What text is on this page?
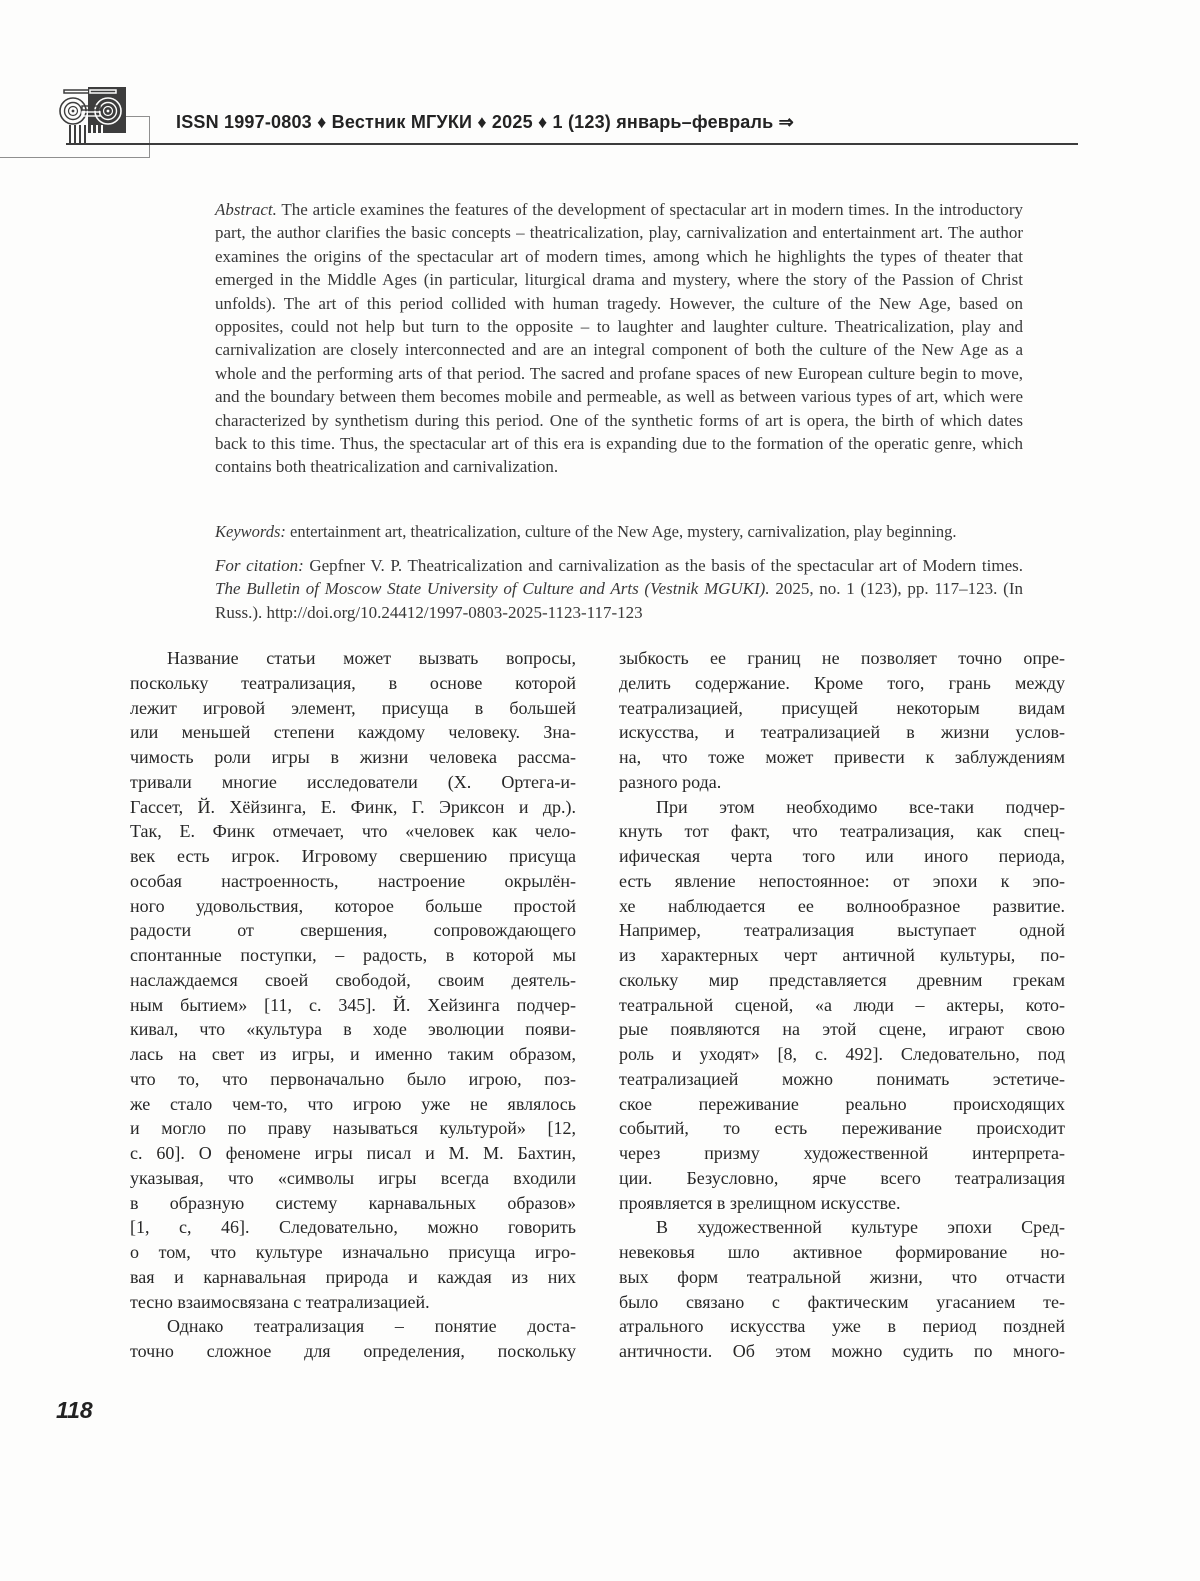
ISSN 1997-0803 ♦ Вестник МГУКИ ♦ 2025 ♦ 1 (123) январь–февраль ⇒

Abstract. The article examines the features of the development of spectacular art in modern times. In the introductory part, the author clarifies the basic concepts – theatricalization, play, carnivalization and entertainment art. The author examines the origins of the spectacular art of modern times, among which he highlights the types of theater that emerged in the Middle Ages (in particular, liturgical drama and mystery, where the story of the Passion of Christ unfolds). The art of this period collided with human tragedy. However, the culture of the New Age, based on opposites, could not help but turn to the opposite – to laughter and laughter culture. Theatricalization, play and carnivalization are closely interconnected and are an integral component of both the culture of the New Age as a whole and the performing arts of that period. The sacred and profane spaces of new European culture begin to move, and the boundary between them becomes mobile and permeable, as well as between various types of art, which were characterized by synthetism during this period. One of the synthetic forms of art is opera, the birth of which dates back to this time. Thus, the spectacular art of this era is expanding due to the formation of the operatic genre, which contains both theatricalization and carnivalization.

Keywords: entertainment art, theatricalization, culture of the New Age, mystery, carnivalization, play beginning.

For citation: Gepfner V. P. Theatricalization and carnivalization as the basis of the spectacular art of Modern times. The Bulletin of Moscow State University of Culture and Arts (Vestnik MGUKI). 2025, no. 1 (123), pp. 117–123. (In Russ.). http://doi.org/10.24412/1997-0803-2025-1123-117-123

Название статьи может вызвать вопросы,
поскольку театрализация, в основе которой
лежит игровой элемент, присуща в большей
или меньшей степени каждому человеку. Зна-
чимость роли игры в жизни человека рассма-
тривали многие исследователи (Х. Ортега-и-
Гассет, Й. Хёйзинга, Е. Финк, Г. Эриксон и др.).
Так, Е. Финк отмечает, что «человек как чело-
век есть игрок. Игровому свершению присуща
особая настроенность, настроение окрылён-
ного удовольствия, которое больше простой
радости от свершения, сопровождающего
спонтанные поступки, – радость, в которой мы
наслаждаемся своей свободой, своим деятель-
ным бытием» [11, с. 345]. Й. Хейзинга подчер-
кивал, что «культура в ходе эволюции появи-
лась на свет из игры, и именно таким образом,
что то, что первоначально было игрою, поз-
же стало чем-то, что игрою уже не являлось
и могло по праву называться культурой» [12,
с. 60]. О феномене игры писал и М. М. Бахтин,
указывая, что «символы игры всегда входили
в образную систему карнавальных образов»
[1, с, 46]. Следовательно, можно говорить
о том, что культуре изначально присуща игро-
вая и карнавальная природа и каждая из них
тесно взаимосвязана с театрализацией.
Однако театрализация – понятие доста-
точно сложное для определения, поскольку
зыбкость ее границ не позволяет точно опре-
делить содержание. Кроме того, грань между
театрализацией, присущей некоторым видам
искусства, и театрализацией в жизни услов-
на, что тоже может привести к заблуждениям
разного рода.
При этом необходимо все-таки подчер-
кнуть тот факт, что театрализация, как спец-
ифическая черта того или иного периода,
есть явление непостоянное: от эпохи к эпо-
хе наблюдается ее волнообразное развитие.
Например, театрализация выступает одной
из характерных черт античной культуры, по-
скольку мир представляется древним грекам
театральной сценой, «а люди – актеры, кото-
рые появляются на этой сцене, играют свою
роль и уходят» [8, с. 492]. Следовательно, под
театрализацией можно понимать эстетиче-
ское переживание реально происходящих
событий, то есть переживание происходит
через призму художественной интерпрета-
ции. Безусловно, ярче всего театрализация
проявляется в зрелищном искусстве.
В художественной культуре эпохи Сред-
невековья шло активное формирование но-
вых форм театральной жизни, что отчасти
было связано с фактическим угасанием те-
атрального искусства уже в период поздней
античности. Об этом можно судить по много-
118
